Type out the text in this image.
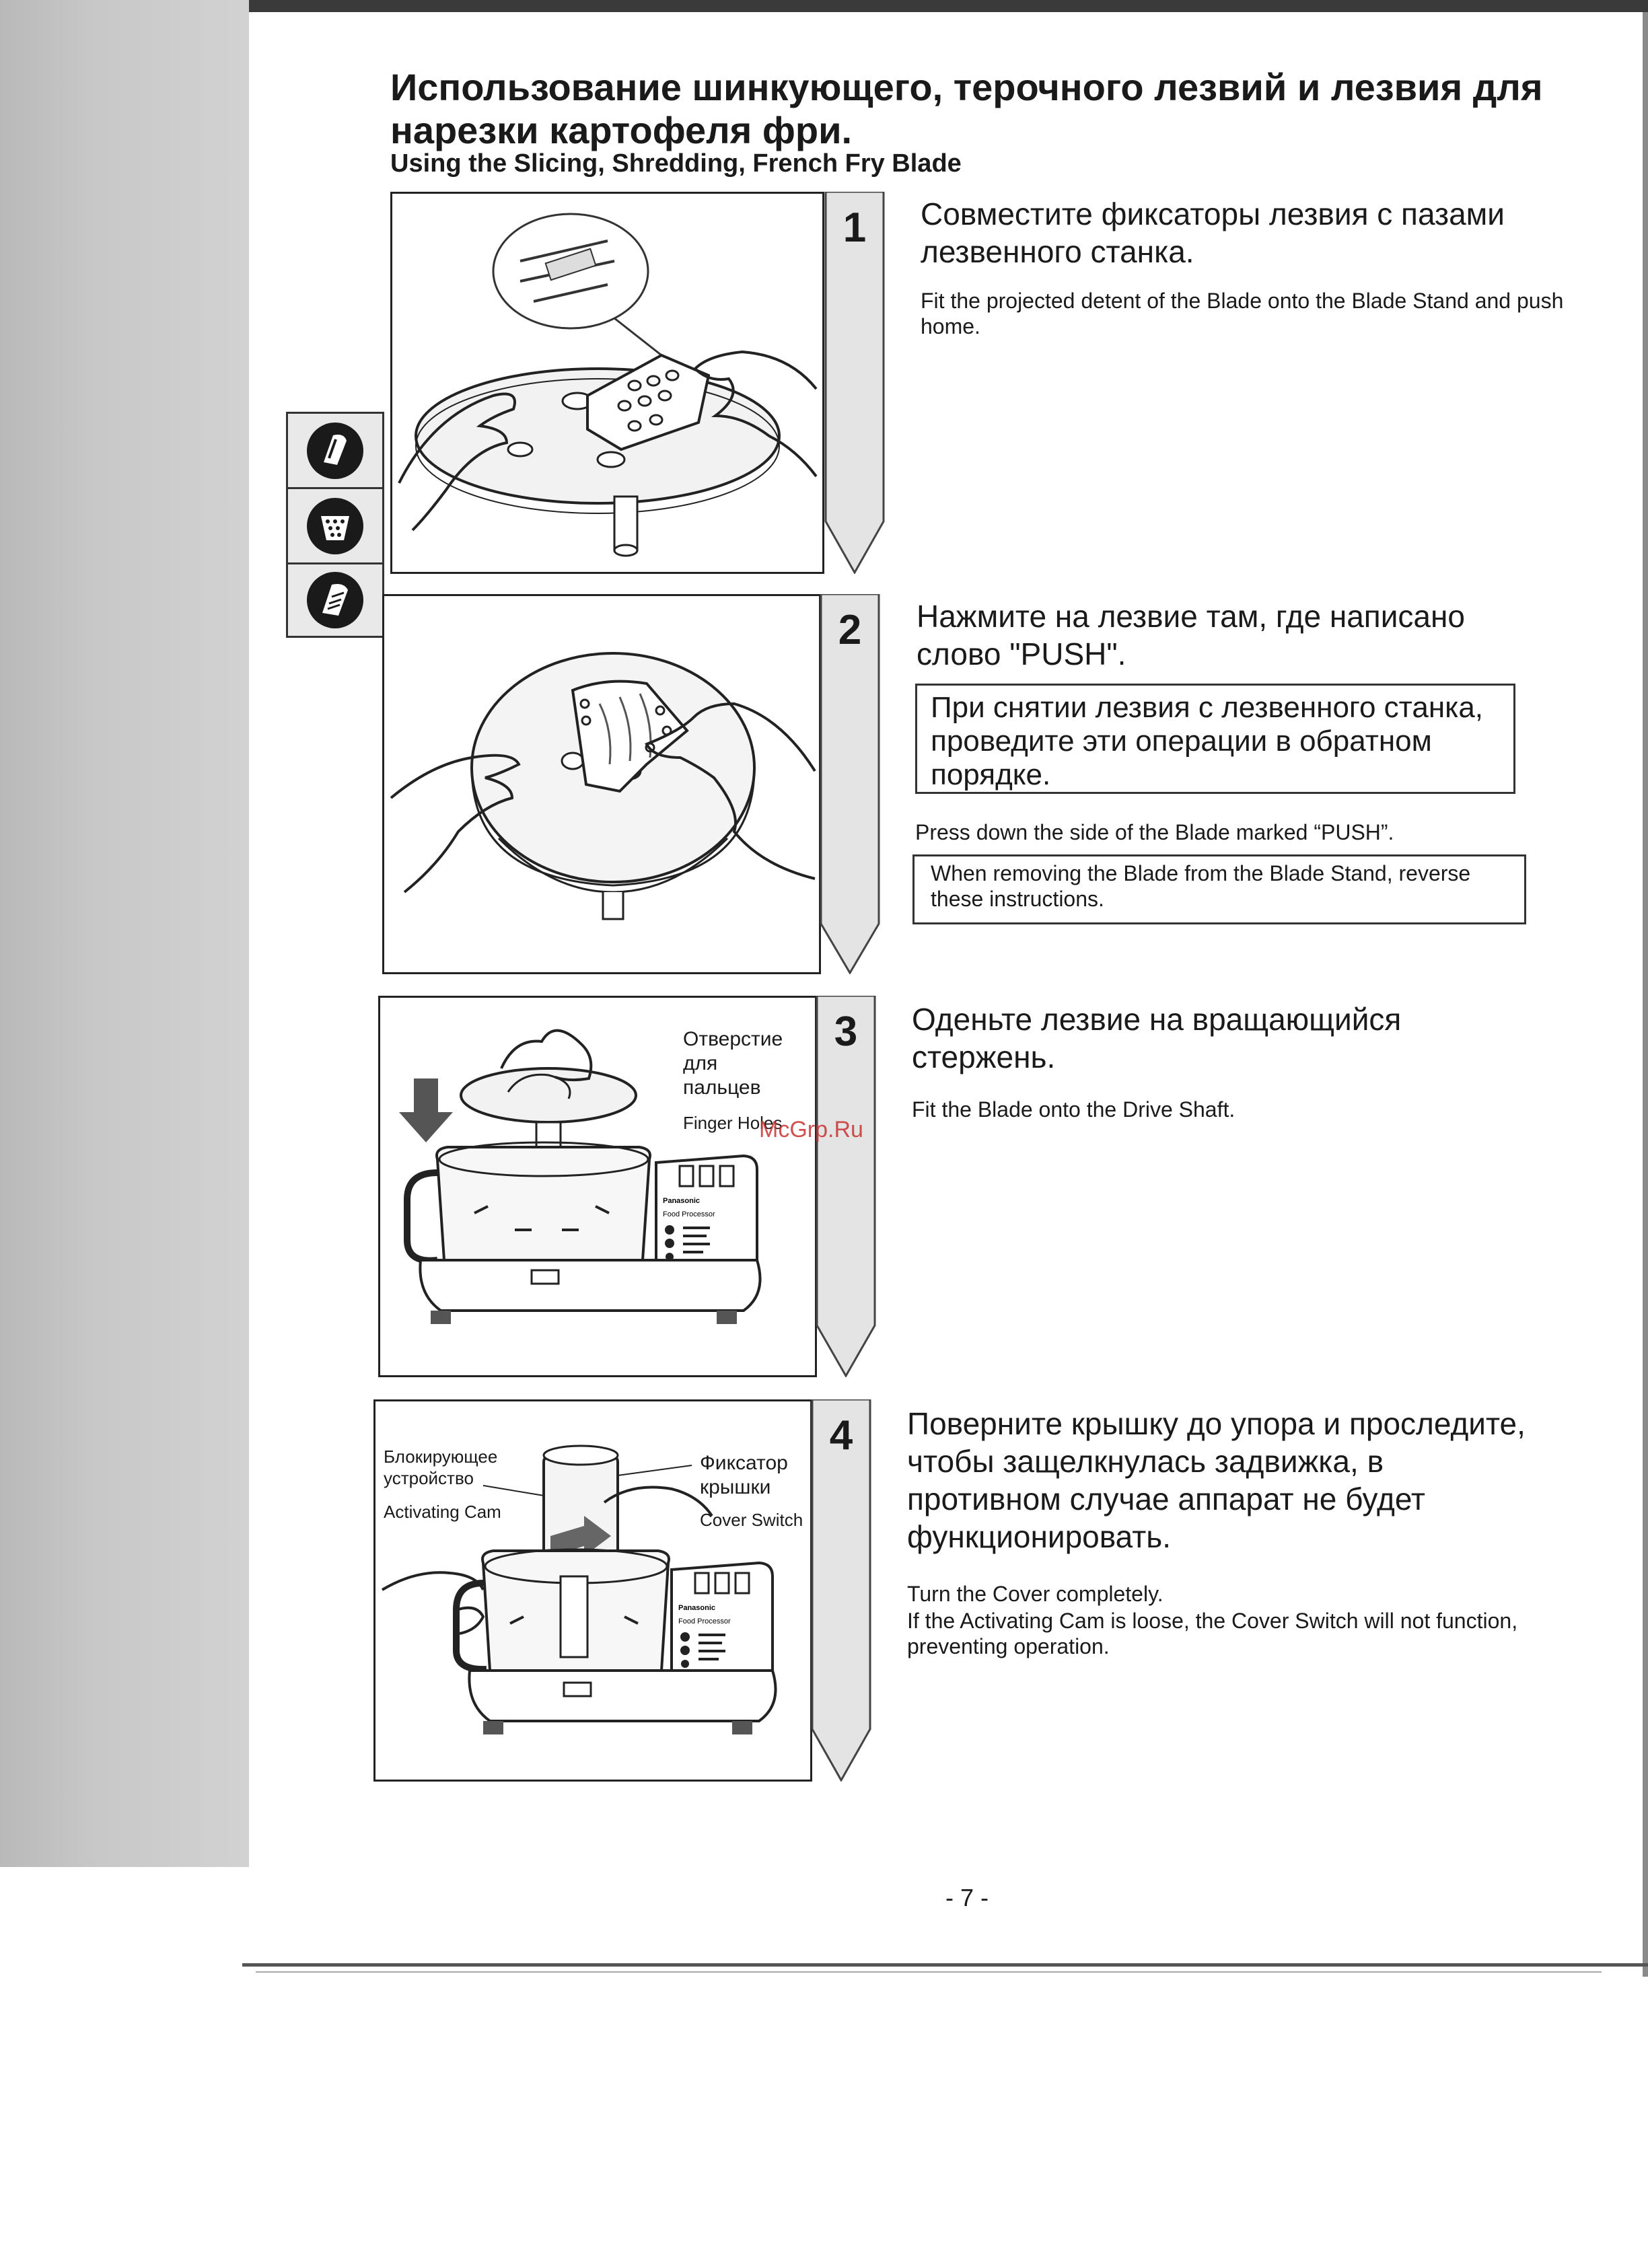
Использование шинкующего, терочного лезвий и лезвия для нарезки картофеля фри.
Using the Slicing, Shredding, French Fry Blade
1	Совместите фиксаторы лезвия с пазами лезвенного станка.

Fit the projected detent of the Blade onto the Blade Stand and push home.

2	Нажмите на лезвие там, где написано слово "PUSH".

При снятии лезвия с лезвенного станка, проведите эти операции в обратном порядке.

Press down the side of the Blade marked “PUSH”.

When removing the Blade from the Blade Stand, reverse these instructions.

Panasonic
Food Processor

Отверстие для пальцев

Finger Holes

3	Оденьте лезвие на вращающийся стержень.

Fit the Blade onto the Drive Shaft.

Panasonic
Food Processor

Блокирующее устройство

Activating Cam

Фиксатор крышки

Cover Switch

4	Поверните крышку до упора и проследите, чтобы защелкнулась задвижка, в противном случае аппарат не будет функционировать.

Turn the Cover completely.

If the Activating Cam is loose, the Cover Switch will not function, preventing operation.

McGrp.Ru
- 7 -
